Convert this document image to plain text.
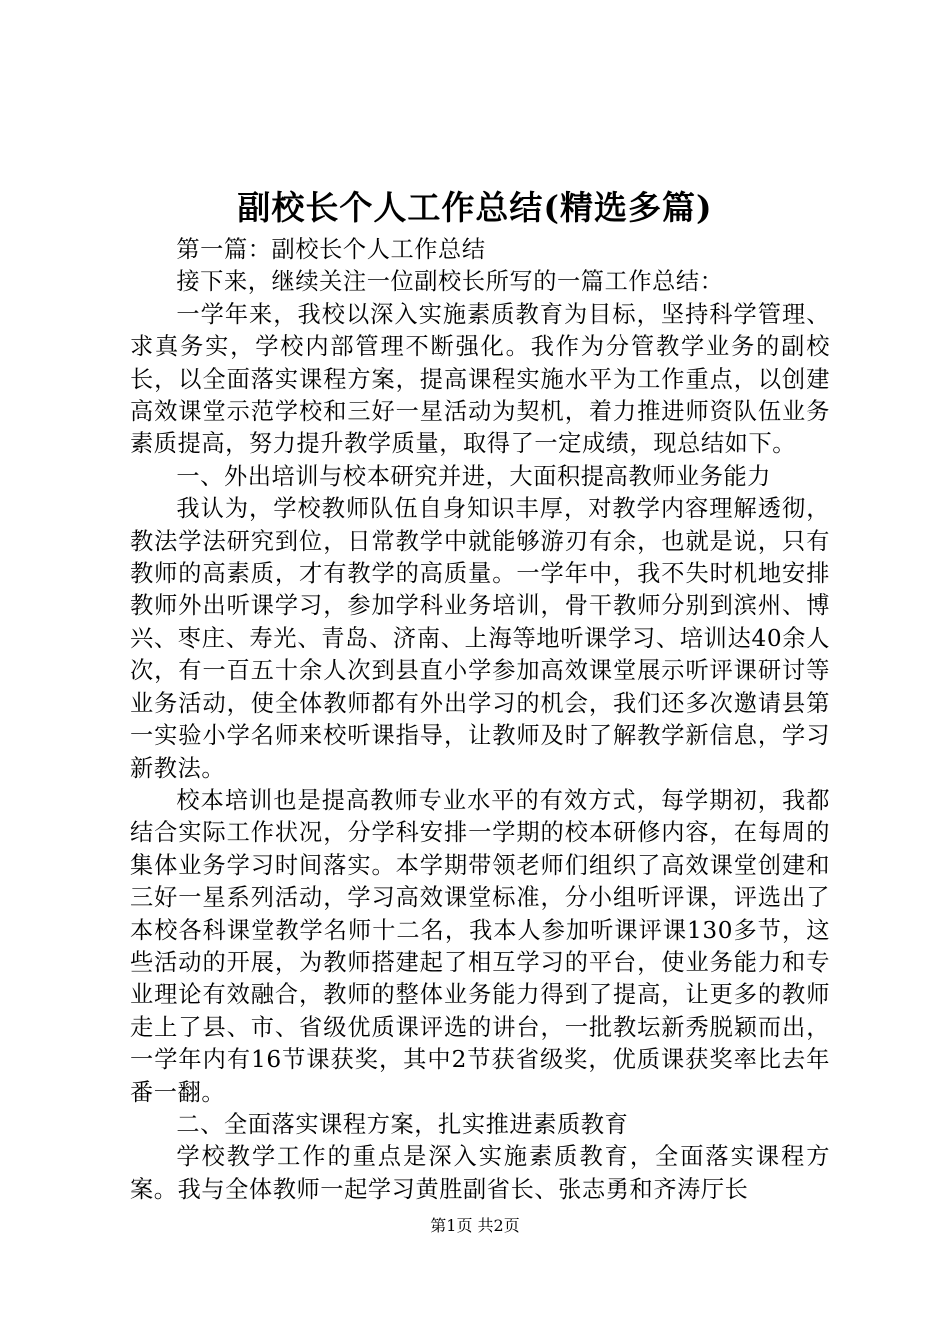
副校长个人工作总结(精选多篇)

第一篇：副校长个人工作总结

接下来，继续关注一位副校长所写的一篇工作总结：

一学年来，我校以深入实施素质教育为目标，坚持科学管理、求真务实，学校内部管理不断强化。我作为分管教学业务的副校长，以全面落实课程方案，提高课程实施水平为工作重点，以创建高效课堂示范学校和三好一星活动为契机，着力推进师资队伍业务素质提高，努力提升教学质量，取得了一定成绩，现总结如下。

一、外出培训与校本研究并进，大面积提高教师业务能力

我认为，学校教师队伍自身知识丰厚，对教学内容理解透彻，教法学法研究到位，日常教学中就能够游刃有余，也就是说，只有教师的高素质，才有教学的高质量。一学年中，我不失时机地安排教师外出听课学习，参加学科业务培训，骨干教师分别到滨州、博兴、枣庄、寿光、青岛、济南、上海等地听课学习、培训达40余人次，有一百五十余人次到县直小学参加高效课堂展示听评课研讨等业务活动，使全体教师都有外出学习的机会，我们还多次邀请县第一实验小学名师来校听课指导，让教师及时了解教学新信息，学习新教法。

校本培训也是提高教师专业水平的有效方式，每学期初，我都结合实际工作状况，分学科安排一学期的校本研修内容，在每周的集体业务学习时间落实。本学期带领老师们组织了高效课堂创建和三好一星系列活动，学习高效课堂标准，分小组听评课，评选出了本校各科课堂教学名师十二名，我本人参加听课评课130多节，这些活动的开展，为教师搭建起了相互学习的平台，使业务能力和专业理论有效融合，教师的整体业务能力得到了提高，让更多的教师走上了县、市、省级优质课评选的讲台，一批教坛新秀脱颖而出，一学年内有16节课获奖，其中2节获省级奖，优质课获奖率比去年番一翻。

二、全面落实课程方案，扎实推进素质教育

学校教学工作的重点是深入实施素质教育，全面落实课程方案。我与全体教师一起学习黄胜副省长、张志勇和齐涛厅长

第1页 共2页
